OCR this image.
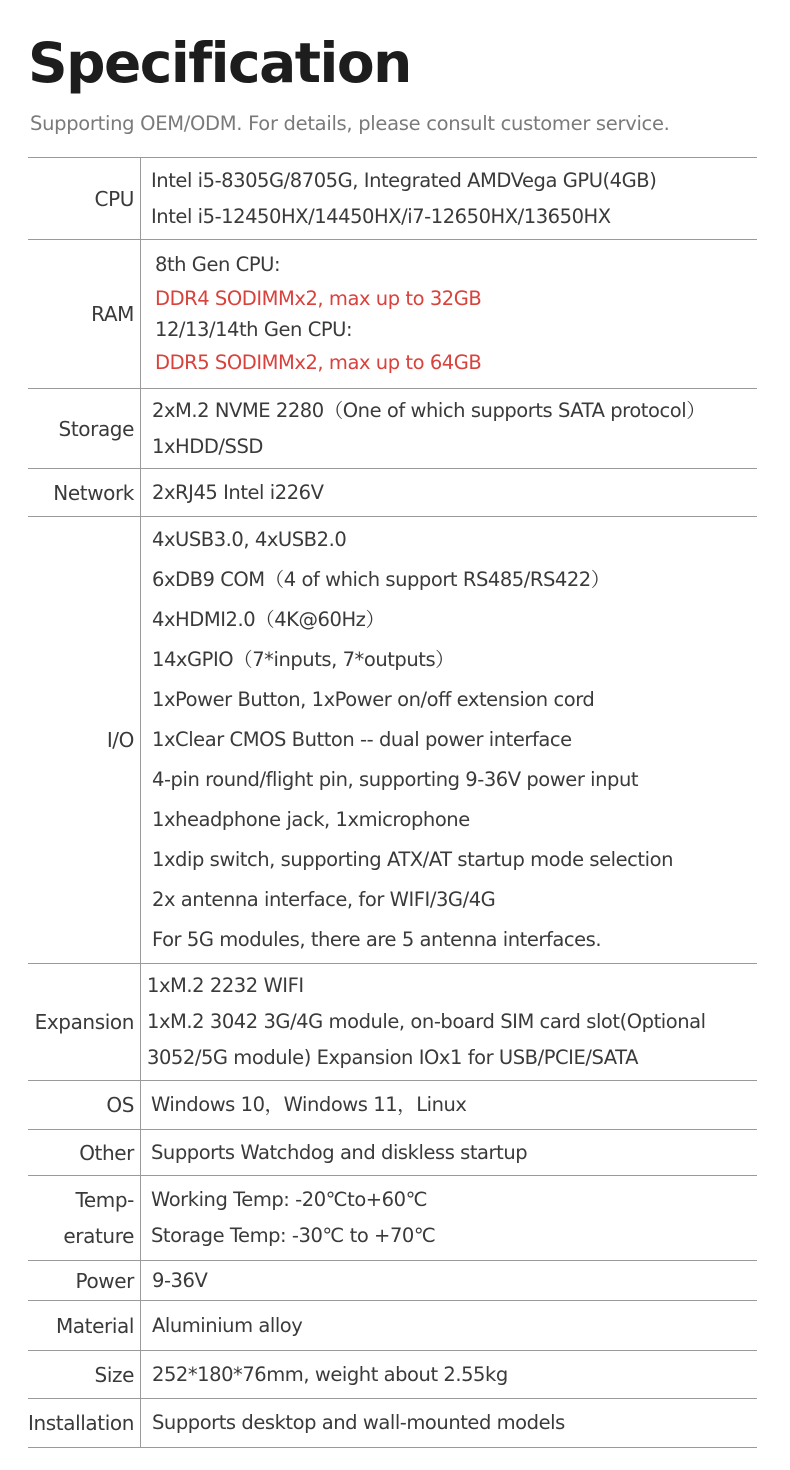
Specification
Supporting OEM/ODM. For details, please consult customer service.
CPU
Intel i5-8305G/8705G, Integrated AMDVega GPU(4GB)
Intel i5-12450HX/14450HX/i7-12650HX/13650HX
RAM
8th Gen CPU:
DDR4 SODIMMx2, max up to 32GB
12/13/14th Gen CPU:
DDR5 SODIMMx2, max up to 64GB
Storage
2xM.2 NVME 2280（One of which supports SATA protocol）
1xHDD/SSD
Network 2xRJ45 Intel i226V
I/O
4xUSB3.0, 4xUSB2.0
6xDB9 COM（4 of which support RS485/RS422）
4xHDMI2.0（4K@60Hz）
14xGPIO（7*inputs, 7*outputs）
1xPower Button, 1xPower on/off extension cord
1xClear CMOS Button -- dual power interface
4-pin round/flight pin, supporting 9-36V power input
1xheadphone jack, 1xmicrophone
1xdip switch, supporting ATX/AT startup mode selection
2x antenna interface, for WIFI/3G/4G
For 5G modules, there are 5 antenna interfaces.
Expansion
1xM.2 2232 WIFI
1xM.2 3042 3G/4G module, on-board SIM card slot(Optional
3052/5G module) Expansion IOx1 for USB/PCIE/SATA
OS Windows 10，Windows 11，Linux
Other Supports Watchdog and diskless startup
Temp-
erature
Working Temp: -20℃to+60℃
Storage Temp: -30℃ to +70℃
Power 9-36V
Material Aluminium alloy
Size 252*180*76mm, weight about 2.55kg
Installation Supports desktop and wall-mounted models
